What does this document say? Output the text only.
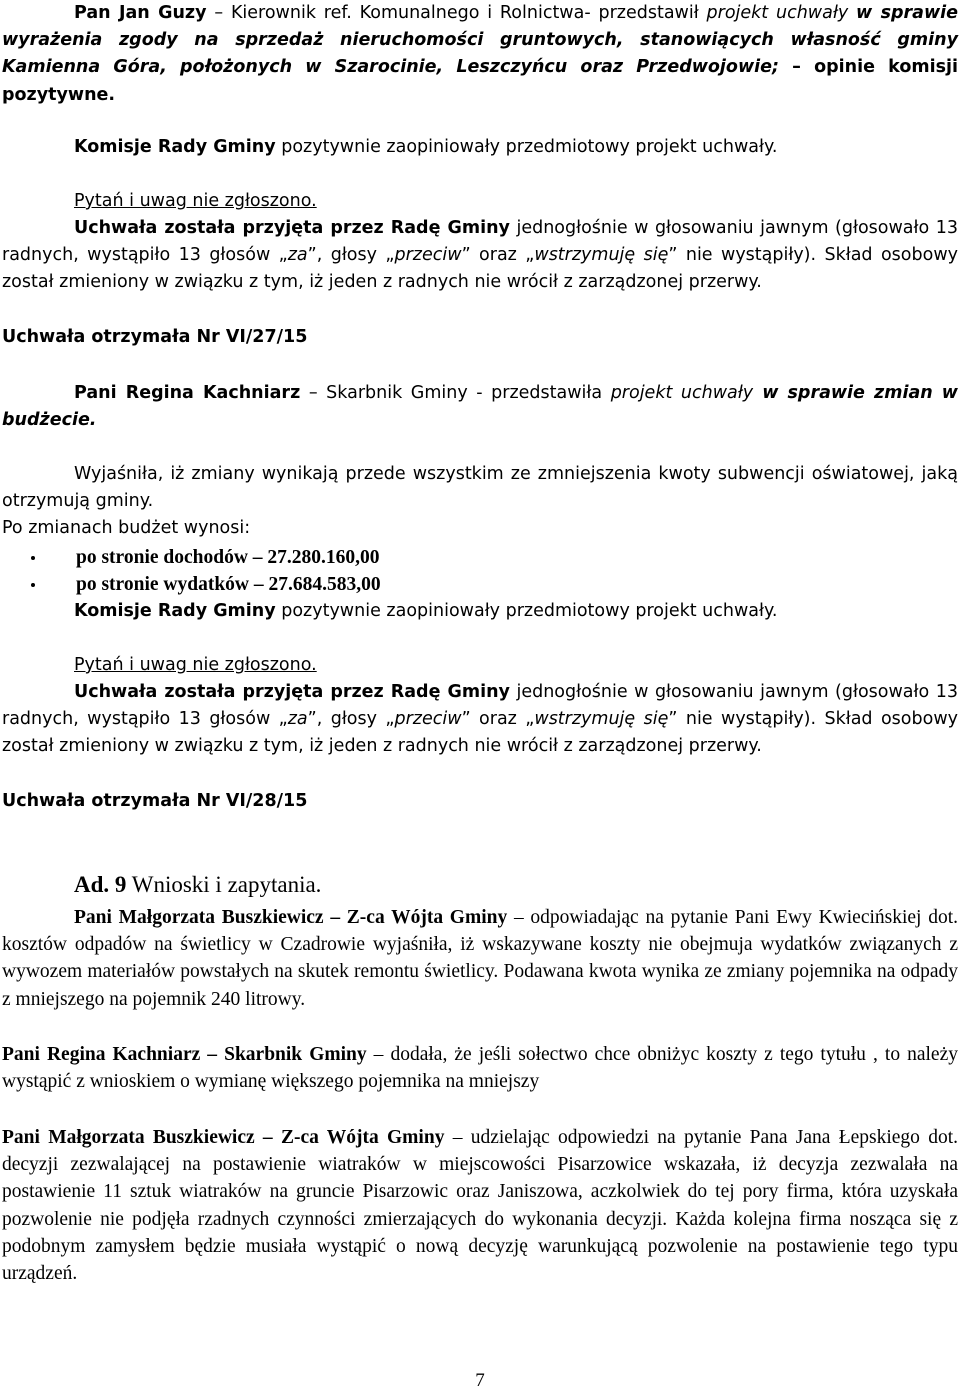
Pan Jan Guzy – Kierownik ref. Komunalnego i Rolnictwa- przedstawił projekt uchwały w sprawie wyrażenia zgody na sprzedaż nieruchomości gruntowych, stanowiących własność gminy Kamienna Góra, położonych w Szarocinie, Leszczyńcu oraz Przedwojowie; – opinie komisji pozytywne.

Komisje Rady Gminy pozytywnie zaopiniowały przedmiotowy projekt uchwały.

Pytań i uwag nie zgłoszono.

Uchwała została przyjęta przez Radę Gminy jednogłośnie w głosowaniu jawnym (głosowało 13 radnych, wystąpiło 13 głosów „za”, głosy „przeciw” oraz „wstrzymuję się” nie wystąpiły). Skład osobowy został zmieniony w związku z tym, iż jeden z radnych nie wrócił z zarządzonej przerwy.

Uchwała otrzymała Nr VI/27/15

Pani Regina Kachniarz – Skarbnik Gminy - przedstawiła projekt uchwały w sprawie zmian w budżecie.

Wyjaśniła, iż zmiany wynikają przede wszystkim ze zmniejszenia kwoty subwencji oświatowej, jaką otrzymują gminy.

Po zmianach budżet wynosi:

po stronie dochodów – 27.280.160,00
po stronie wydatków – 27.684.583,00

Komisje Rady Gminy pozytywnie zaopiniowały przedmiotowy projekt uchwały.

Pytań i uwag nie zgłoszono.

Uchwała została przyjęta przez Radę Gminy jednogłośnie w głosowaniu jawnym (głosowało 13 radnych, wystąpiło 13 głosów „za”, głosy „przeciw” oraz „wstrzymuję się” nie wystąpiły). Skład osobowy został zmieniony w związku z tym, iż jeden z radnych nie wrócił z zarządzonej przerwy.

Uchwała otrzymała Nr VI/28/15

Ad. 9 Wnioski i zapytania.

Pani Małgorzata Buszkiewicz – Z-ca Wójta Gminy – odpowiadając na pytanie Pani Ewy Kwiecińskiej dot. kosztów odpadów na świetlicy w Czadrowie wyjaśniła, iż wskazywane koszty nie obejmuja wydatków związanych z wywozem materiałów powstałych na skutek remontu świetlicy. Podawana kwota wynika ze zmiany pojemnika na odpady z mniejszego na pojemnik 240 litrowy.

Pani Regina Kachniarz – Skarbnik Gminy – dodała, że jeśli sołectwo chce obniżyc koszty z tego tytułu , to należy wystąpić z wnioskiem o wymianę większego pojemnika na mniejszy

Pani Małgorzata Buszkiewicz – Z-ca Wójta Gminy – udzielając odpowiedzi na pytanie Pana Jana Łepskiego dot. decyzji zezwalającej na postawienie wiatraków w miejscowości Pisarzowice wskazała, iż decyzja zezwalała na postawienie 11 sztuk wiatraków na gruncie Pisarzowic oraz Janiszowa, aczkolwiek do tej pory firma, która uzyskała pozwolenie nie podjęła rzadnych czynności zmierzających do wykonania decyzji. Każda kolejna firma nosząca się z podobnym zamysłem będzie musiała wystąpić o nową decyzję warunkującą pozwolenie na postawienie tego typu urządzeń.

7
